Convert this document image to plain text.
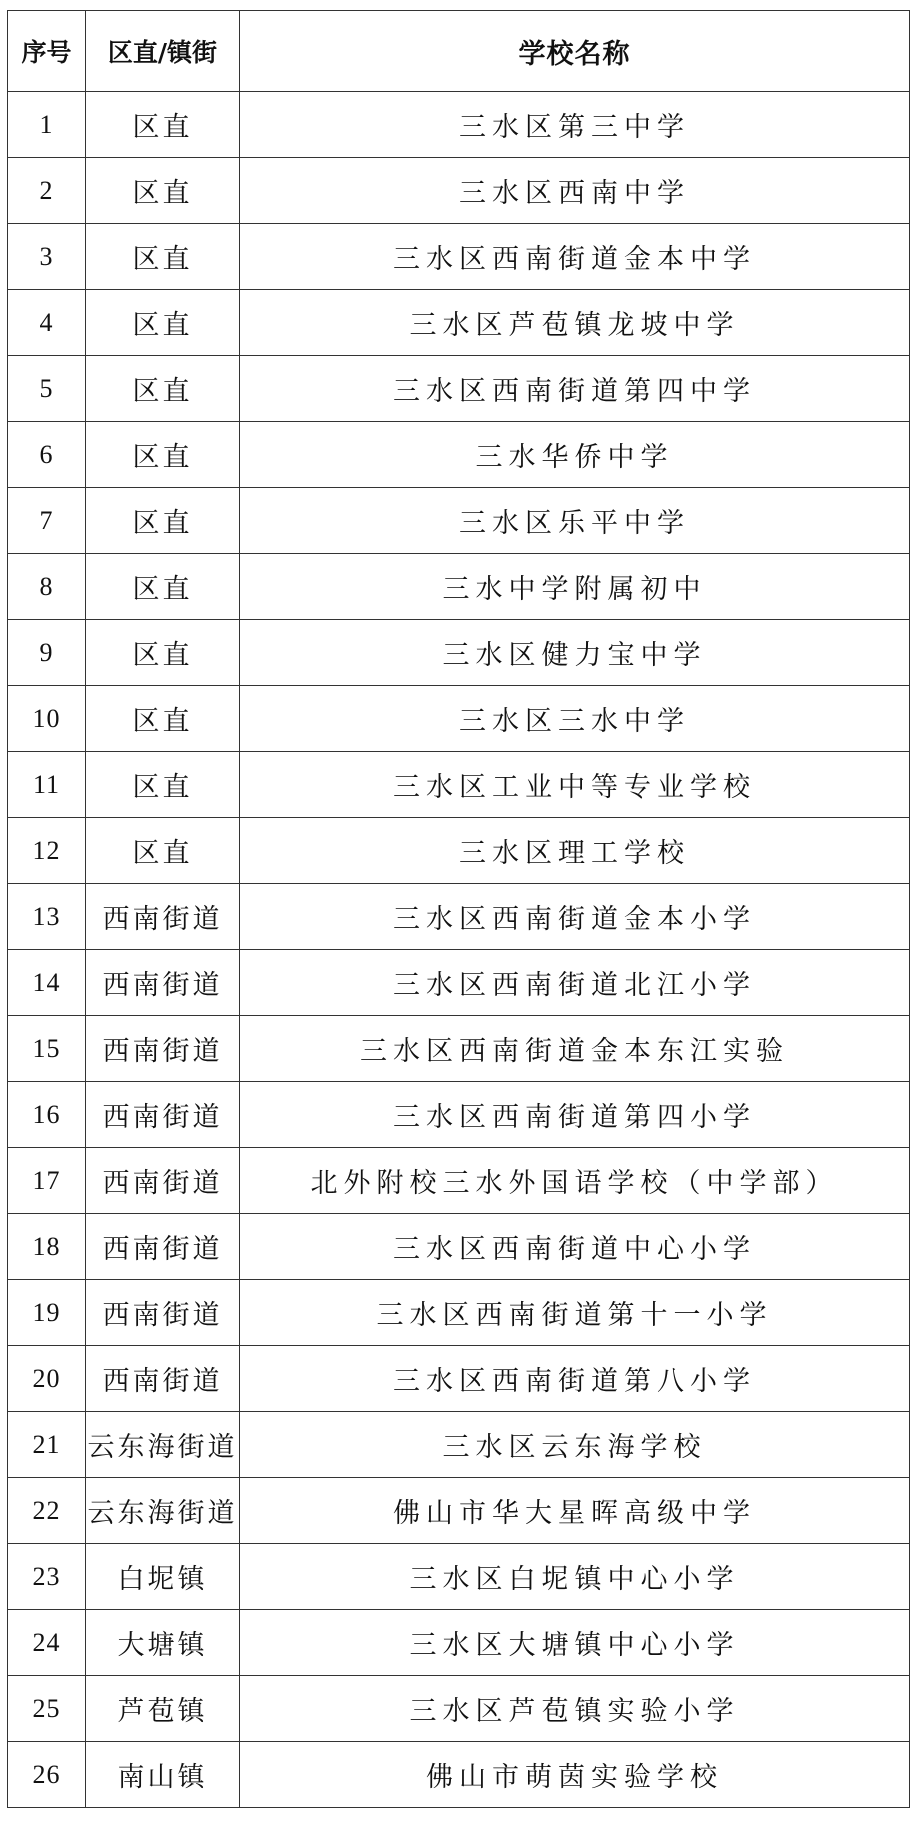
序号	区直/镇街	学校名称
1	区直	三水区第三中学
2	区直	三水区西南中学
3	区直	三水区西南街道金本中学
4	区直	三水区芦苞镇龙坡中学
5	区直	三水区西南街道第四中学
6	区直	三水华侨中学
7	区直	三水区乐平中学
8	区直	三水中学附属初中
9	区直	三水区健力宝中学
10	区直	三水区三水中学
11	区直	三水区工业中等专业学校
12	区直	三水区理工学校
13	西南街道	三水区西南街道金本小学
14	西南街道	三水区西南街道北江小学
15	西南街道	三水区西南街道金本东江实验
16	西南街道	三水区西南街道第四小学
17	西南街道	北外附校三水外国语学校（中学部）
18	西南街道	三水区西南街道中心小学
19	西南街道	三水区西南街道第十一小学
20	西南街道	三水区西南街道第八小学
21	云东海街道	三水区云东海学校
22	云东海街道	佛山市华大星晖高级中学
23	白坭镇	三水区白坭镇中心小学
24	大塘镇	三水区大塘镇中心小学
25	芦苞镇	三水区芦苞镇实验小学
26	南山镇	佛山市萌茵实验学校
